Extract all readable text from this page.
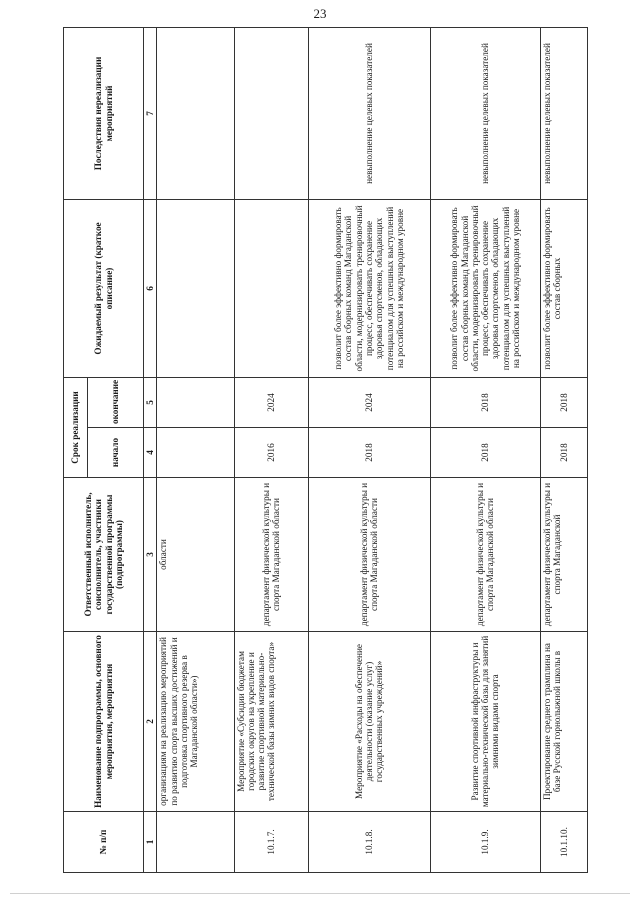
23
№ п/п	Наименование подпрограммы, основного мероприятия, мероприятия	Ответственный исполнитель, соисполнитель, участники государственной программы (подпрограммы)	Срок реализации		Ожидаемый результат (краткое описание)	Последствия нереализации мероприятий
			начало	окончание		
1	2	3	4	5	6	7
	организациям на реализацию мероприятий по развитию спорта высших достижений и подготовка спортивного резерва в Магаданской области»)	области				
10.1.7.	Мероприятие «Субсидии бюджетам городских округов на укрепление и развитие спортивной материально-технической базы зимних видов спорта»	департамент физической культуры и спорта Магаданской области	2016	2024		
10.1.8.	Мероприятие «Расходы на обеспечение деятельности (оказание услуг) государственных учреждений»	департамент физической культуры и спорта Магаданской области	2018	2024	позволит более эффективно формировать состав сборных команд Магаданской области, модернизировать тренировочный процесс, обеспечивать сохранение здоровья спортсменов, обладающих потенциалом для успешных выступлений на российском и международном уровне	невыполнение целевых показателей
10.1.9.	Развитие спортивной инфраструктуры и материально-технической базы для занятий зимними видами спорта	департамент физической культуры и спорта Магаданской области	2018	2018	позволит более эффективно формировать состав сборных команд Магаданской области, модернизировать тренировочный процесс, обеспечивать сохранение здоровья спортсменов, обладающих потенциалом для успешных выступлений на российском и международном уровне	невыполнение целевых показателей
10.1.10.	Проектирование среднего трамплина на базе Русской горнолыжной школы в	департамент физической культуры и спорта Магаданской	2018	2018	позволит более эффективно формировать состав сборных	невыполнение целевых показателей
